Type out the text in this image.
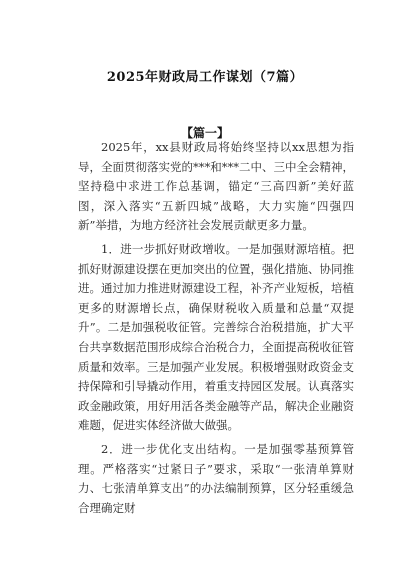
2025年财政局工作谋划（7篇）
【篇一】

2025年，xx县财政局将始终坚持以xx思想为指导，全面贯彻落实党的***和***二中、三中全会精神，坚持稳中求进工作总基调，锚定“三高四新”美好蓝图，深入落实“五新四城”战略，大力实施“四强四新”举措，为地方经济社会发展贡献更多力量。

1．进一步抓好财政增收。一是加强财源培植。把抓好财源建设摆在更加突出的位置，强化措施、协同推进。通过加力推进财源建设工程，补齐产业短板，培植更多的财源增长点，确保财税收入质量和总量“双提升”。二是加强税收征管。完善综合治税措施，扩大平台共享数据范围形成综合治税合力，全面提高税收征管质量和效率。三是加强产业发展。积极增强财政资金支持保障和引导撬动作用，着重支持园区发展。认真落实政金融政策，用好用活各类金融等产品，解决企业融资难题，促进实体经济做大做强。

2．进一步优化支出结构。一是加强零基预算管理。严格落实“过紧日子”要求，采取“一张清单算财力、七张清单算支出”的办法编制预算，区分轻重缓急合理确定财
